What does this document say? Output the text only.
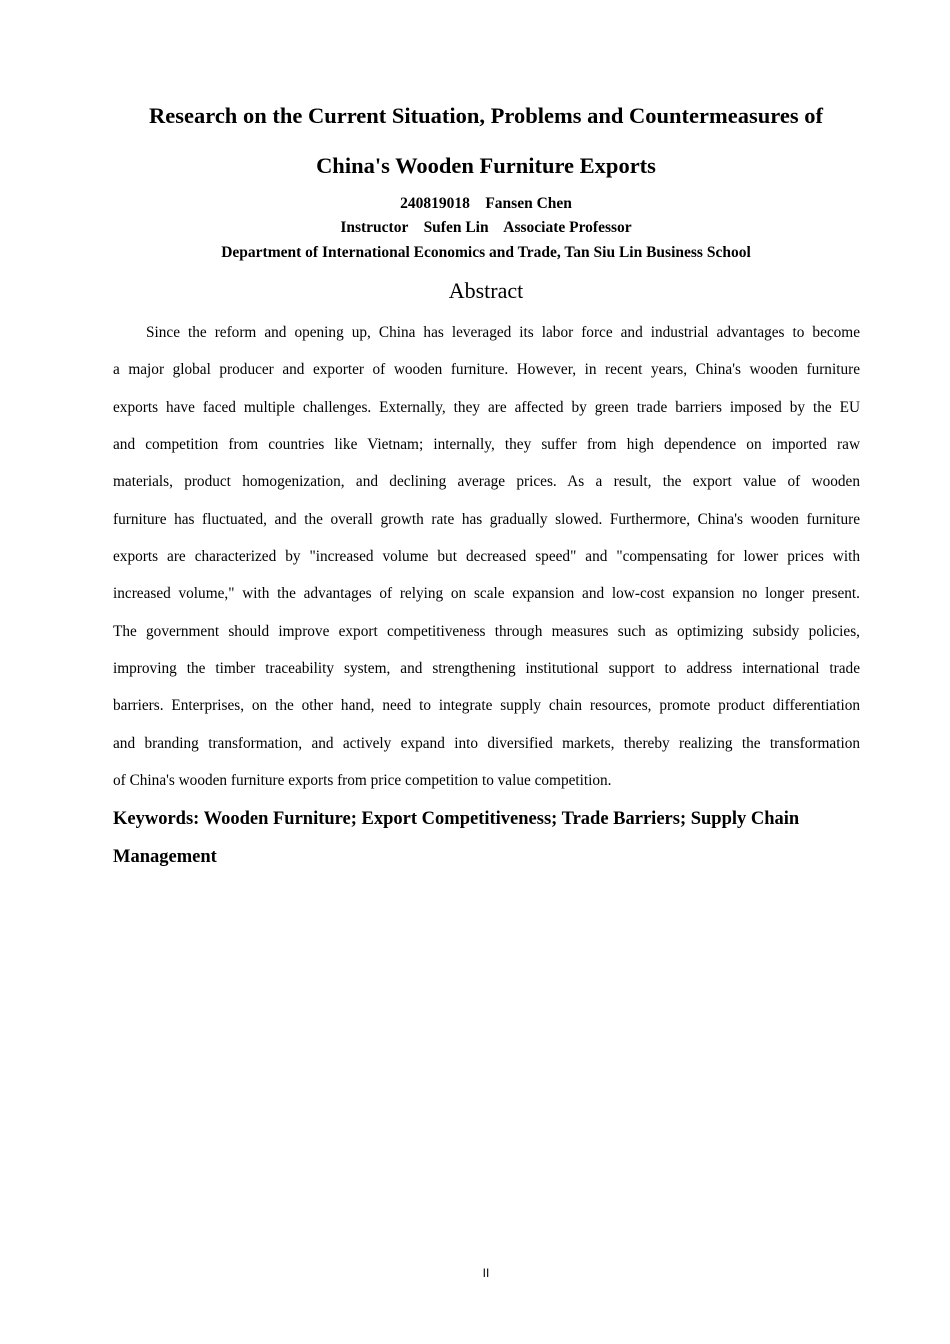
Research on the Current Situation, Problems and Countermeasures of
China's Wooden Furniture Exports
240819018    Fansen Chen
Instructor    Sufen Lin    Associate Professor
Department of International Economics and Trade, Tan Siu Lin Business School
Abstract
Since the reform and opening up, China has leveraged its labor force and industrial advantages to become
a major global producer and exporter of wooden furniture. However, in recent years, China's wooden furniture
exports have faced multiple challenges. Externally, they are affected by green trade barriers imposed by the EU
and competition from countries like Vietnam; internally, they suffer from high dependence on imported raw
materials, product homogenization, and declining average prices. As a result, the export value of wooden
furniture has fluctuated, and the overall growth rate has gradually slowed. Furthermore, China's wooden furniture
exports are characterized by "increased volume but decreased speed" and "compensating for lower prices with
increased volume," with the advantages of relying on scale expansion and low-cost expansion no longer present.
The government should improve export competitiveness through measures such as optimizing subsidy policies,
improving the timber traceability system, and strengthening institutional support to address international trade
barriers. Enterprises, on the other hand, need to integrate supply chain resources, promote product differentiation
and branding transformation, and actively expand into diversified markets, thereby realizing the transformation
of China's wooden furniture exports from price competition to value competition.
Keywords: Wooden Furniture; Export Competitiveness; Trade Barriers; Supply Chain
Management
II
